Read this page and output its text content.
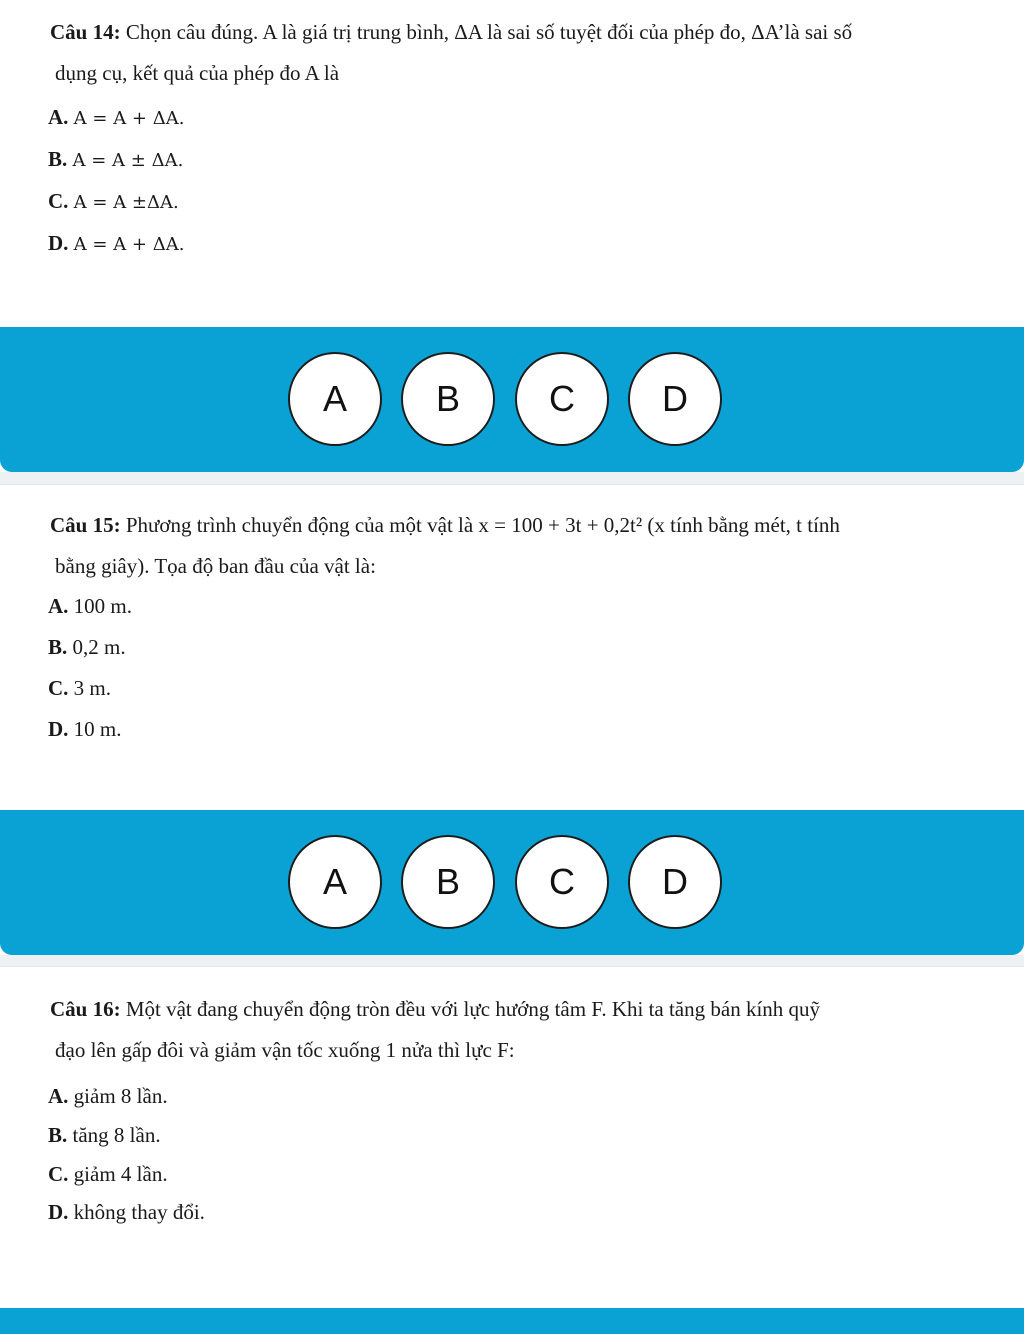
Câu 14: Chọn câu đúng. A là giá trị trung bình, ΔA là sai số tuyệt đối của phép đo, ΔA’là sai số
dụng cụ, kết quả của phép đo A là
A. A = A + ΔA.
B. A = A ± ΔA.
C. A = A ±ΔA.
D. A = A + ΔA.
A	B	C	D
Câu 15: Phương trình chuyển động của một vật là x = 100 + 3t + 0,2t² (x tính bằng mét, t tính
bằng giây). Tọa độ ban đầu của vật là:
A. 100 m.
B. 0,2 m.
C. 3 m.
D. 10 m.
A	B	C	D
Câu 16: Một vật đang chuyển động tròn đều với lực hướng tâm F. Khi ta tăng bán kính quỹ
đạo lên gấp đôi và giảm vận tốc xuống 1 nửa thì lực F:
A. giảm 8 lần.
B. tăng 8 lần.
C. giảm 4 lần.
D. không thay đổi.
